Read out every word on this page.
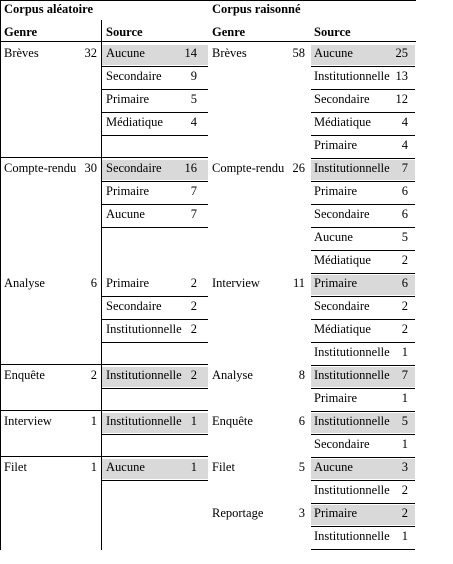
Corpus aléatoire	Corpus raisonné
Genre	Source	Genre	Source
Brèves	32 Aucune	14
Secondaire	9
Primaire	5
Médiatique	4
Compte-rendu 30 Secondaire	16
Primaire	7
Aucune	7
Analyse	6 Primaire	2
Secondaire	2
Institutionnelle 2
Enquête	2 Institutionnelle 2
Interview	1 Institutionnelle 1
Filet	1 Aucune	1
Brèves	58 Aucune	25
Institutionnelle 13
Secondaire	12
Médiatique	4
Primaire	4
Compte-rendu 26 Institutionnelle 7
Primaire	6
Secondaire	6
Aucune	5
Médiatique	2
Interview	11 Primaire	6
Secondaire	2
Médiatique	2
Institutionnelle 1
Analyse	8 Institutionnelle 7
Primaire	1
Enquête	6 Institutionnelle 5
Secondaire	1
Filet	5 Aucune	3
Institutionnelle 2
Reportage	3 Primaire	2
Institutionnelle 1
